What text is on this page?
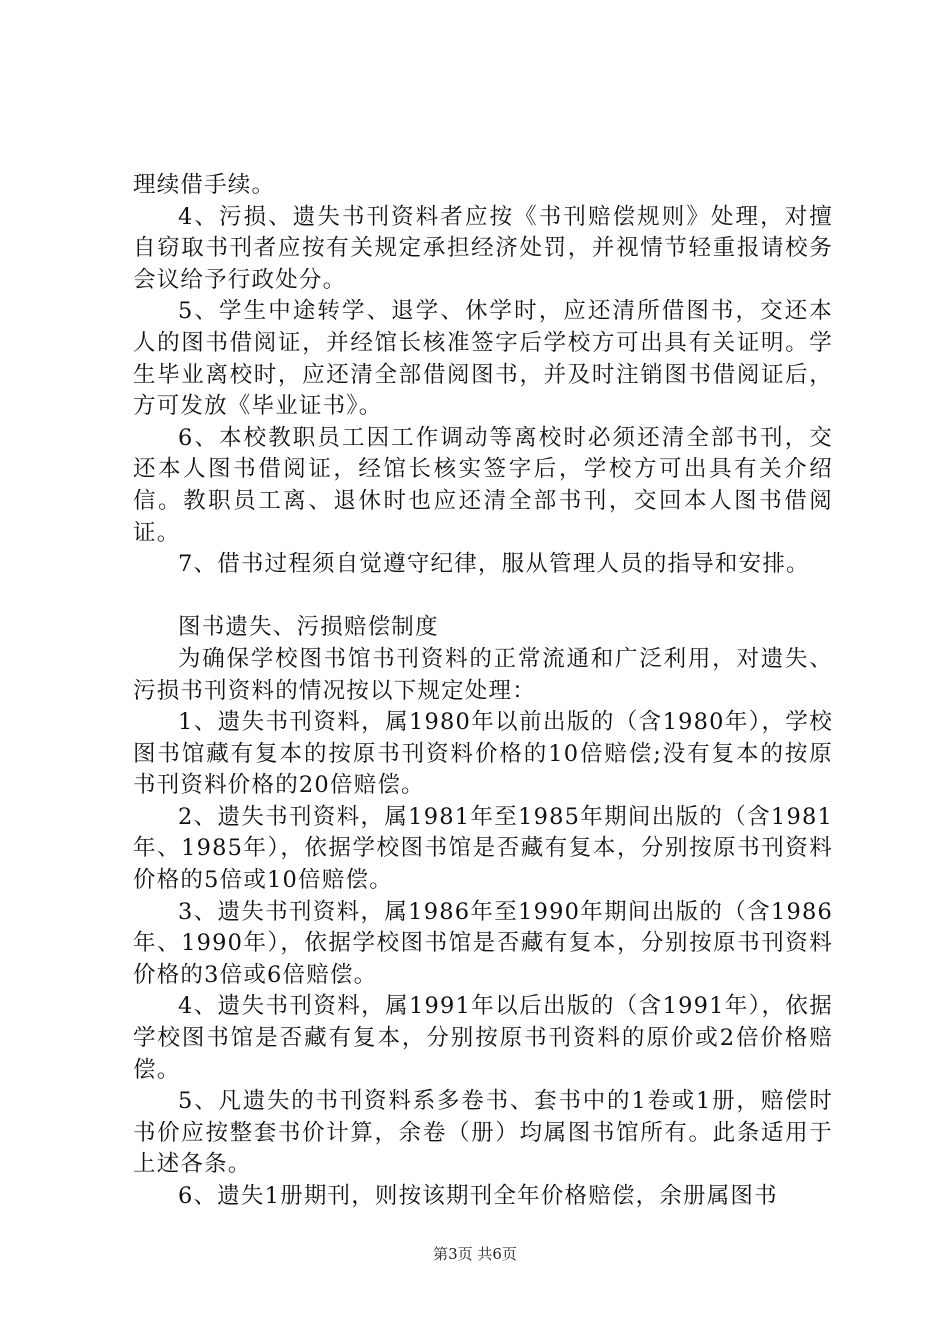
理续借手续。

4、污损、遗失书刊资料者应按《书刊赔偿规则》处理，对擅自窃取书刊者应按有关规定承担经济处罚，并视情节轻重报请校务会议给予行政处分。

5、学生中途转学、退学、休学时，应还清所借图书，交还本人的图书借阅证，并经馆长核准签字后学校方可出具有关证明。学生毕业离校时，应还清全部借阅图书，并及时注销图书借阅证后，方可发放《毕业证书》。

6、本校教职员工因工作调动等离校时必须还清全部书刊，交还本人图书借阅证，经馆长核实签字后，学校方可出具有关介绍信。教职员工离、退休时也应还清全部书刊，交回本人图书借阅证。

7、借书过程须自觉遵守纪律，服从管理人员的指导和安排。

图书遗失、污损赔偿制度

为确保学校图书馆书刊资料的正常流通和广泛利用，对遗失、污损书刊资料的情况按以下规定处理：

1、遗失书刊资料，属1980年以前出版的（含1980年），学校图书馆藏有复本的按原书刊资料价格的10倍赔偿;没有复本的按原书刊资料价格的20倍赔偿。

2、遗失书刊资料，属1981年至1985年期间出版的（含1981年、1985年），依据学校图书馆是否藏有复本，分别按原书刊资料价格的5倍或10倍赔偿。

3、遗失书刊资料，属1986年至1990年期间出版的（含1986年、1990年），依据学校图书馆是否藏有复本，分别按原书刊资料价格的3倍或6倍赔偿。

4、遗失书刊资料，属1991年以后出版的（含1991年），依据学校图书馆是否藏有复本，分别按原书刊资料的原价或2倍价格赔偿。

5、凡遗失的书刊资料系多卷书、套书中的1卷或1册，赔偿时书价应按整套书价计算，余卷（册）均属图书馆所有。此条适用于上述各条。

6、遗失1册期刊，则按该期刊全年价格赔偿，余册属图书

第3页 共6页
